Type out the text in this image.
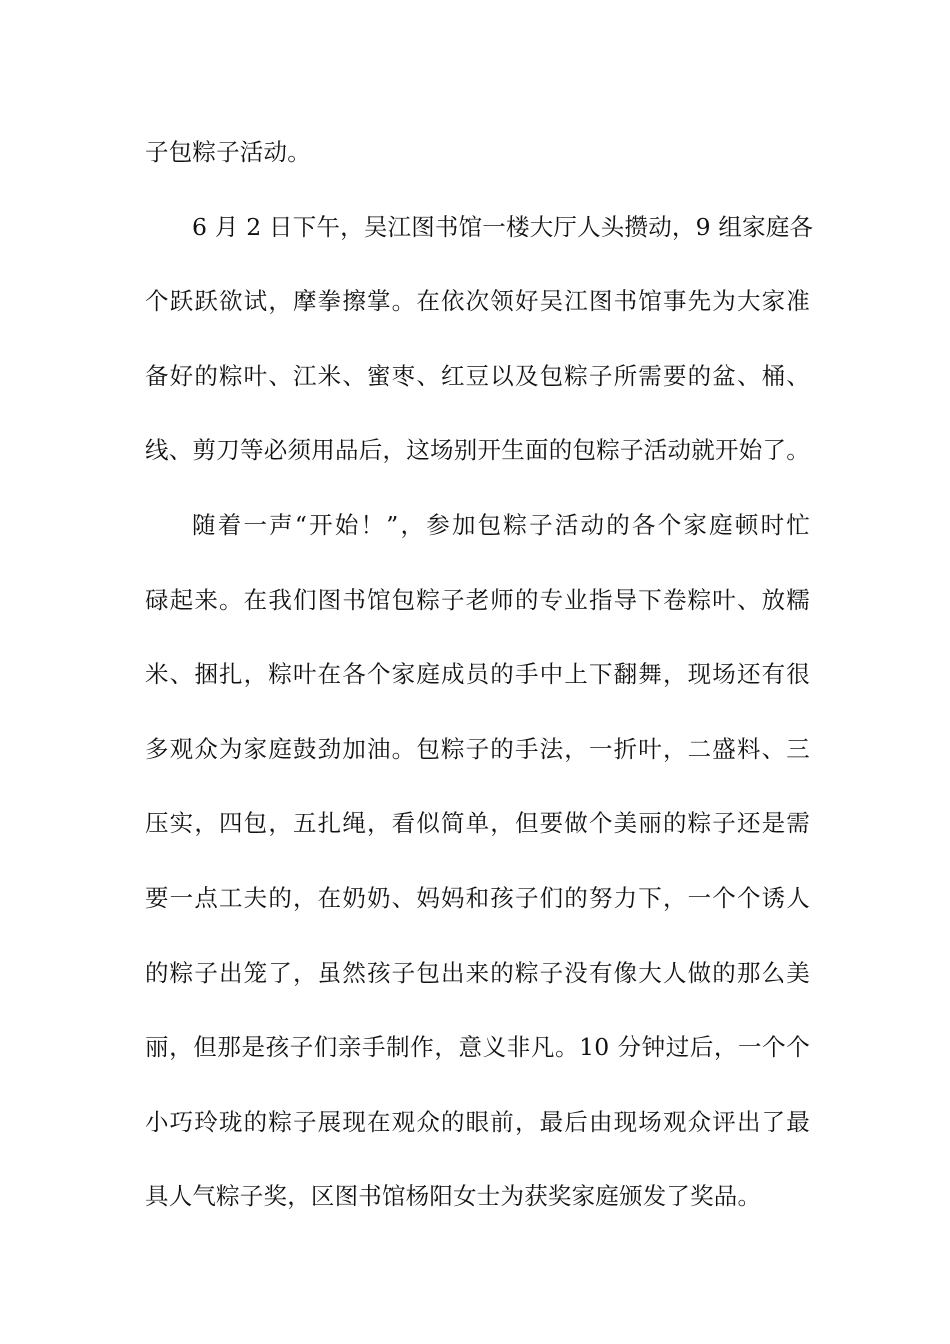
子包粽子活动。
6 月 2 日下午，吴江图书馆一楼大厅人头攒动，9 组家庭各
个跃跃欲试，摩拳擦掌。在依次领好吴江图书馆事先为大家准
备好的粽叶、江米、蜜枣、红豆以及包粽子所需要的盆、桶、
线、剪刀等必须用品后，这场别开生面的包粽子活动就开始了。
随着一声“开始！”，参加包粽子活动的各个家庭顿时忙
碌起来。在我们图书馆包粽子老师的专业指导下卷粽叶、放糯
米、捆扎，粽叶在各个家庭成员的手中上下翻舞，现场还有很
多观众为家庭鼓劲加油。包粽子的手法，一折叶，二盛料、三
压实，四包，五扎绳，看似简单，但要做个美丽的粽子还是需
要一点工夫的，在奶奶、妈妈和孩子们的努力下，一个个诱人
的粽子出笼了，虽然孩子包出来的粽子没有像大人做的那么美
丽，但那是孩子们亲手制作，意义非凡。10 分钟过后，一个个
小巧玲珑的粽子展现在观众的眼前，最后由现场观众评出了最
具人气粽子奖，区图书馆杨阳女士为获奖家庭颁发了奖品。
